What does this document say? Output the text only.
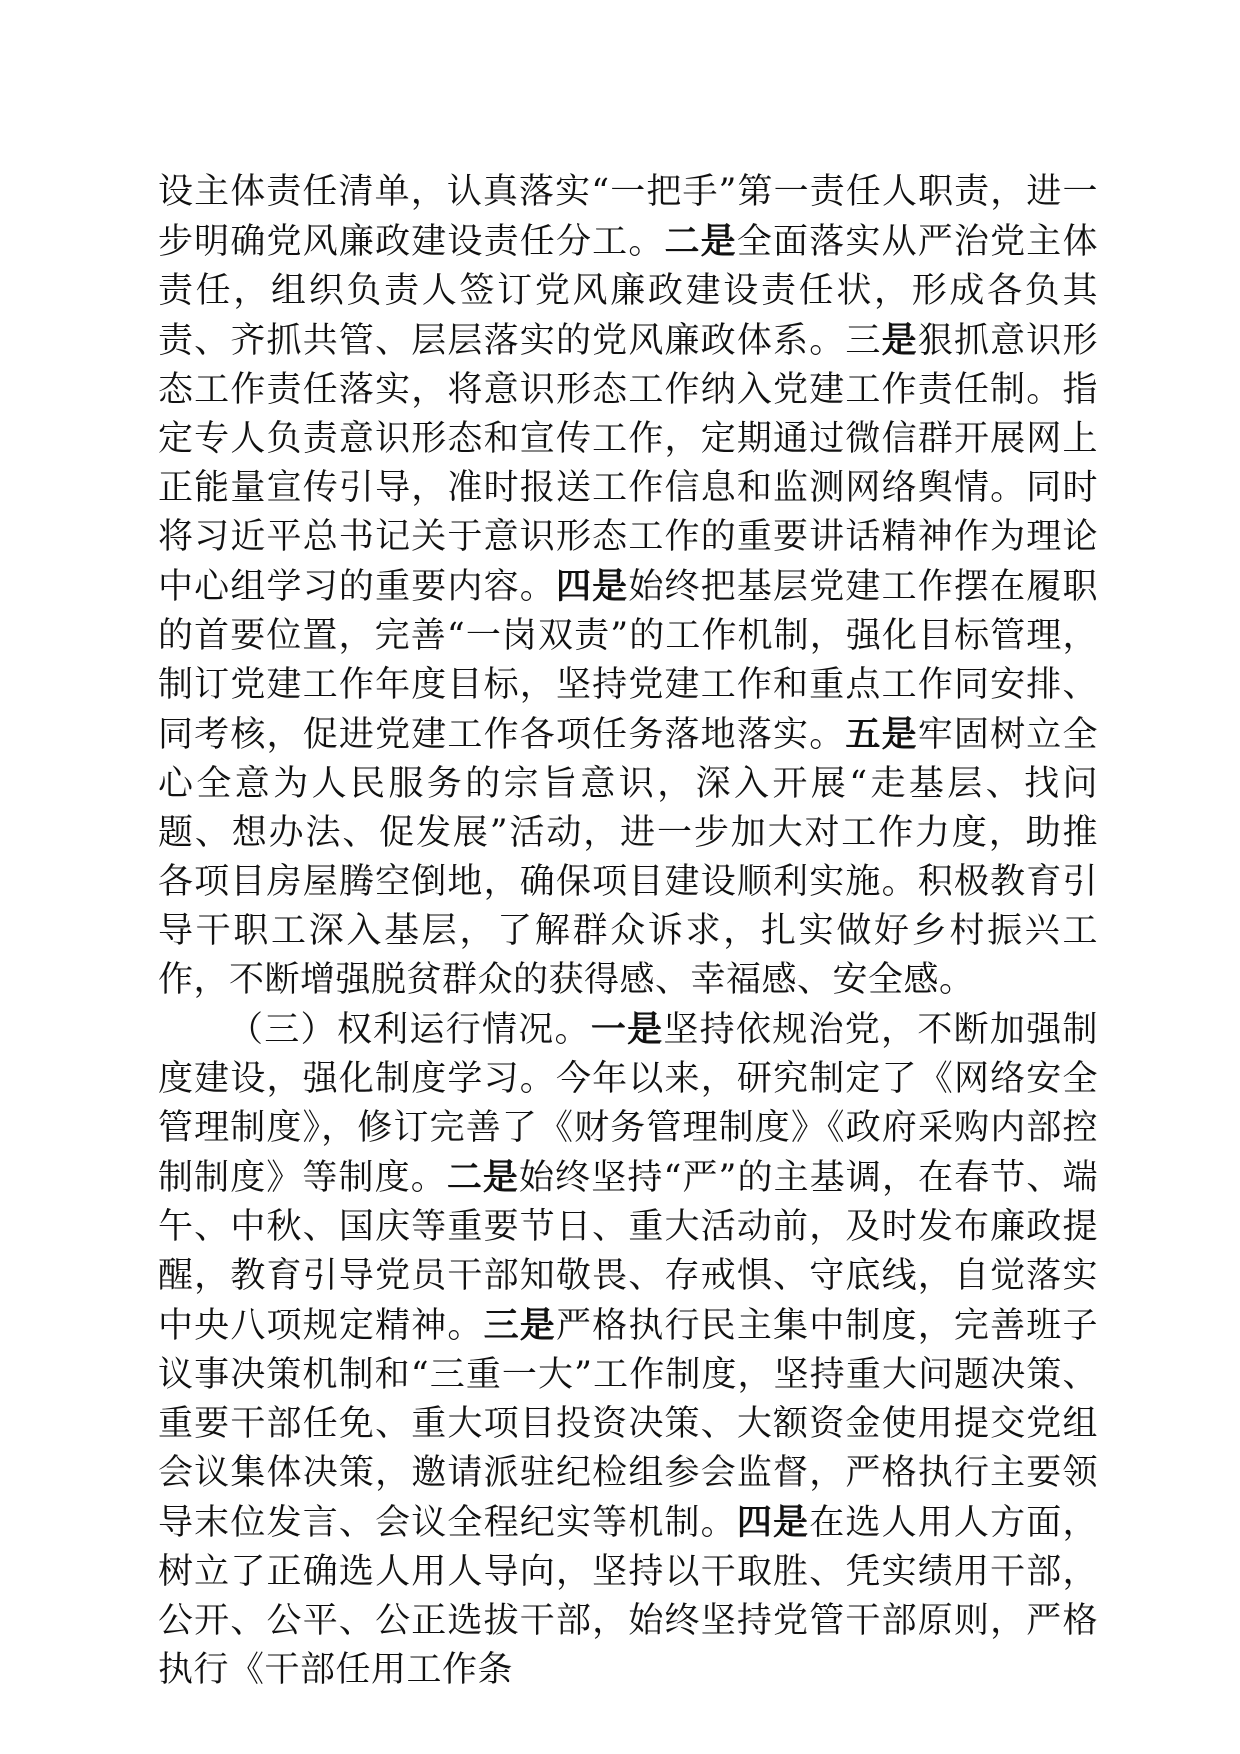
设主体责任清单，认真落实“一把手”第一责任人职责，进一步明确党风廉政建设责任分工。二是全面落实从严治党主体责任，组织负责人签订党风廉政建设责任状，形成各负其责、齐抓共管、层层落实的党风廉政体系。三是狠抓意识形态工作责任落实，将意识形态工作纳入党建工作责任制。指定专人负责意识形态和宣传工作，定期通过微信群开展网上正能量宣传引导，准时报送工作信息和监测网络舆情。同时将习近平总书记关于意识形态工作的重要讲话精神作为理论中心组学习的重要内容。四是始终把基层党建工作摆在履职的首要位置，完善“一岗双责”的工作机制，强化目标管理，制订党建工作年度目标，坚持党建工作和重点工作同安排、同考核，促进党建工作各项任务落地落实。五是牢固树立全心全意为人民服务的宗旨意识，深入开展“走基层、找问题、想办法、促发展”活动，进一步加大对工作力度，助推各项目房屋腾空倒地，确保项目建设顺利实施。积极教育引导干职工深入基层，了解群众诉求，扎实做好乡村振兴工作，不断增强脱贫群众的获得感、幸福感、安全感。

（三）权利运行情况。一是坚持依规治党，不断加强制度建设，强化制度学习。今年以来，研究制定了《网络安全管理制度》，修订完善了《财务管理制度》《政府采购内部控制制度》等制度。二是始终坚持“严”的主基调，在春节、端午、中秋、国庆等重要节日、重大活动前，及时发布廉政提醒，教育引导党员干部知敬畏、存戒惧、守底线，自觉落实中央八项规定精神。三是严格执行民主集中制度，完善班子议事决策机制和“三重一大”工作制度，坚持重大问题决策、重要干部任免、重大项目投资决策、大额资金使用提交党组会议集体决策，邀请派驻纪检组参会监督，严格执行主要领导末位发言、会议全程纪实等机制。四是在选人用人方面，树立了正确选人用人导向，坚持以干取胜、凭实绩用干部，公开、公平、公正选拔干部，始终坚持党管干部原则，严格执行《干部任用工作条
